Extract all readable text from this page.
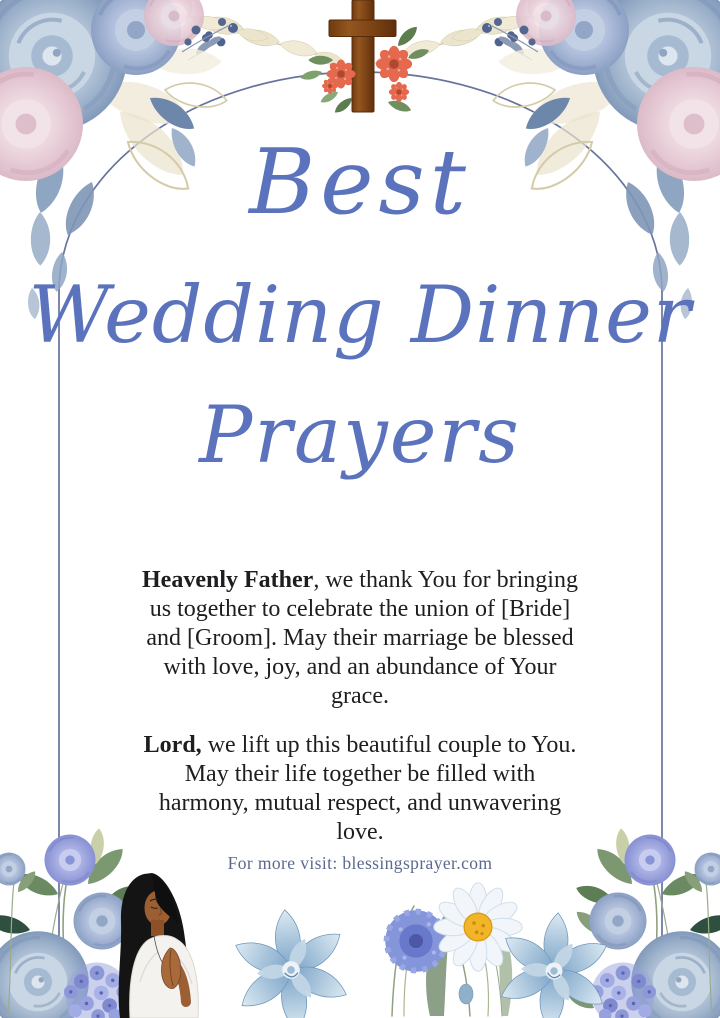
Best
Wedding Dinner
Prayers

Heavenly Father, we thank You for bringing
us together to celebrate the union of [Bride]
and [Groom]. May their marriage be blessed
with love, joy, and an abundance of Your
grace.

Lord, we lift up this beautiful couple to You.
May their life together be filled with
harmony, mutual respect, and unwavering
love.

For more visit: blessingsprayer.com
